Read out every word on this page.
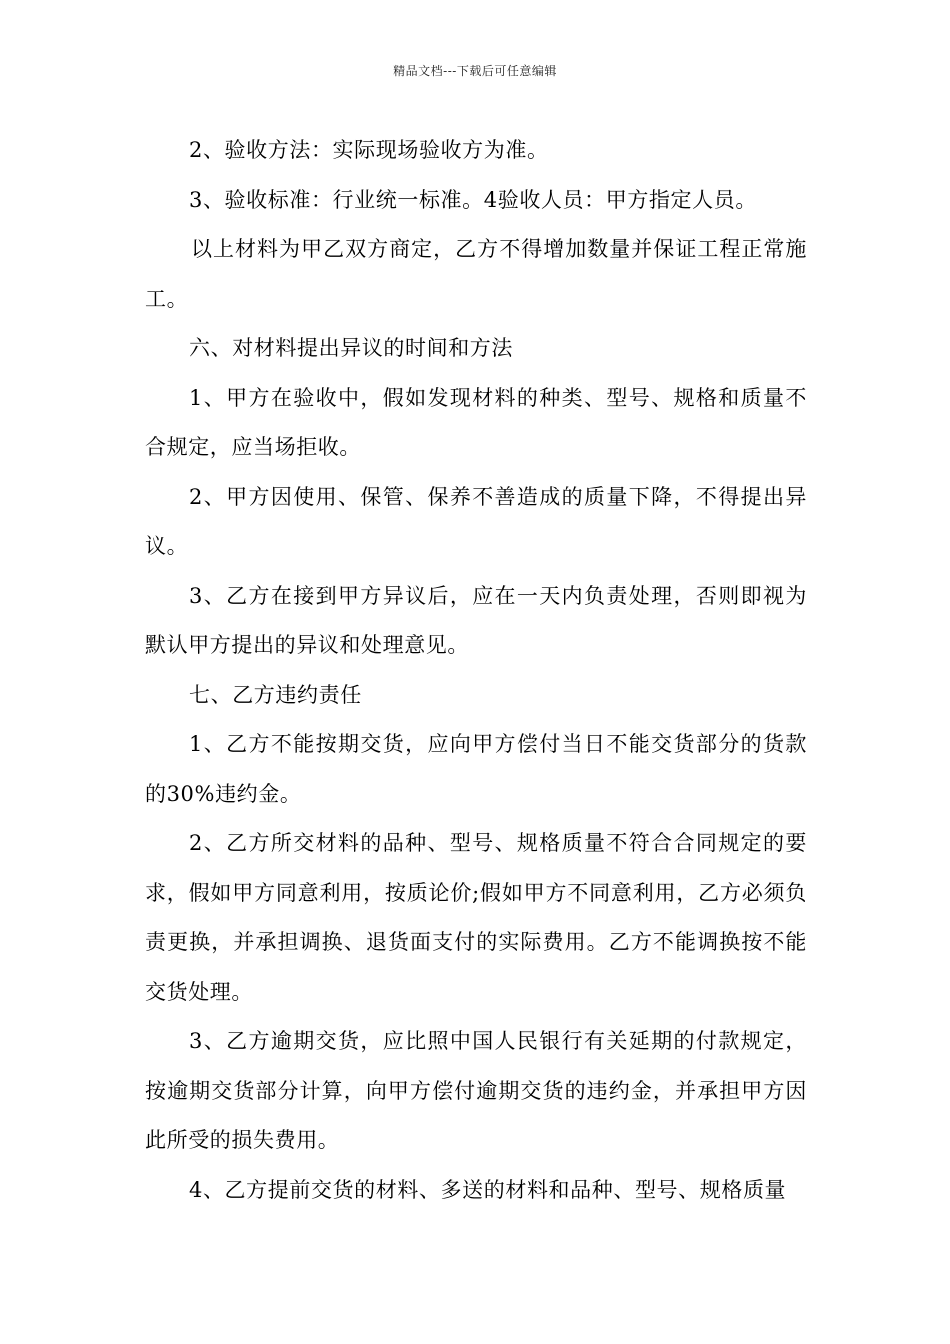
精品文档---下载后可任意编辑

2、验收方法：实际现场验收方为准。

3、验收标准：行业统一标准。4验收人员：甲方指定人员。

以上材料为甲乙双方商定，乙方不得增加数量并保证工程正常施工。

六、对材料提出异议的时间和方法

1、甲方在验收中，假如发现材料的种类、型号、规格和质量不合规定，应当场拒收。

2、甲方因使用、保管、保养不善造成的质量下降，不得提出异议。

3、乙方在接到甲方异议后，应在一天内负责处理，否则即视为默认甲方提出的异议和处理意见。

七、乙方违约责任

1、乙方不能按期交货，应向甲方偿付当日不能交货部分的货款的30%违约金。

2、乙方所交材料的品种、型号、规格质量不符合合同规定的要求，假如甲方同意利用，按质论价;假如甲方不同意利用，乙方必须负责更换，并承担调换、退货面支付的实际费用。乙方不能调换按不能交货处理。

3、乙方逾期交货，应比照中国人民银行有关延期的付款规定，按逾期交货部分计算，向甲方偿付逾期交货的违约金，并承担甲方因此所受的损失费用。

4、乙方提前交货的材料、多送的材料和品种、型号、规格质量
